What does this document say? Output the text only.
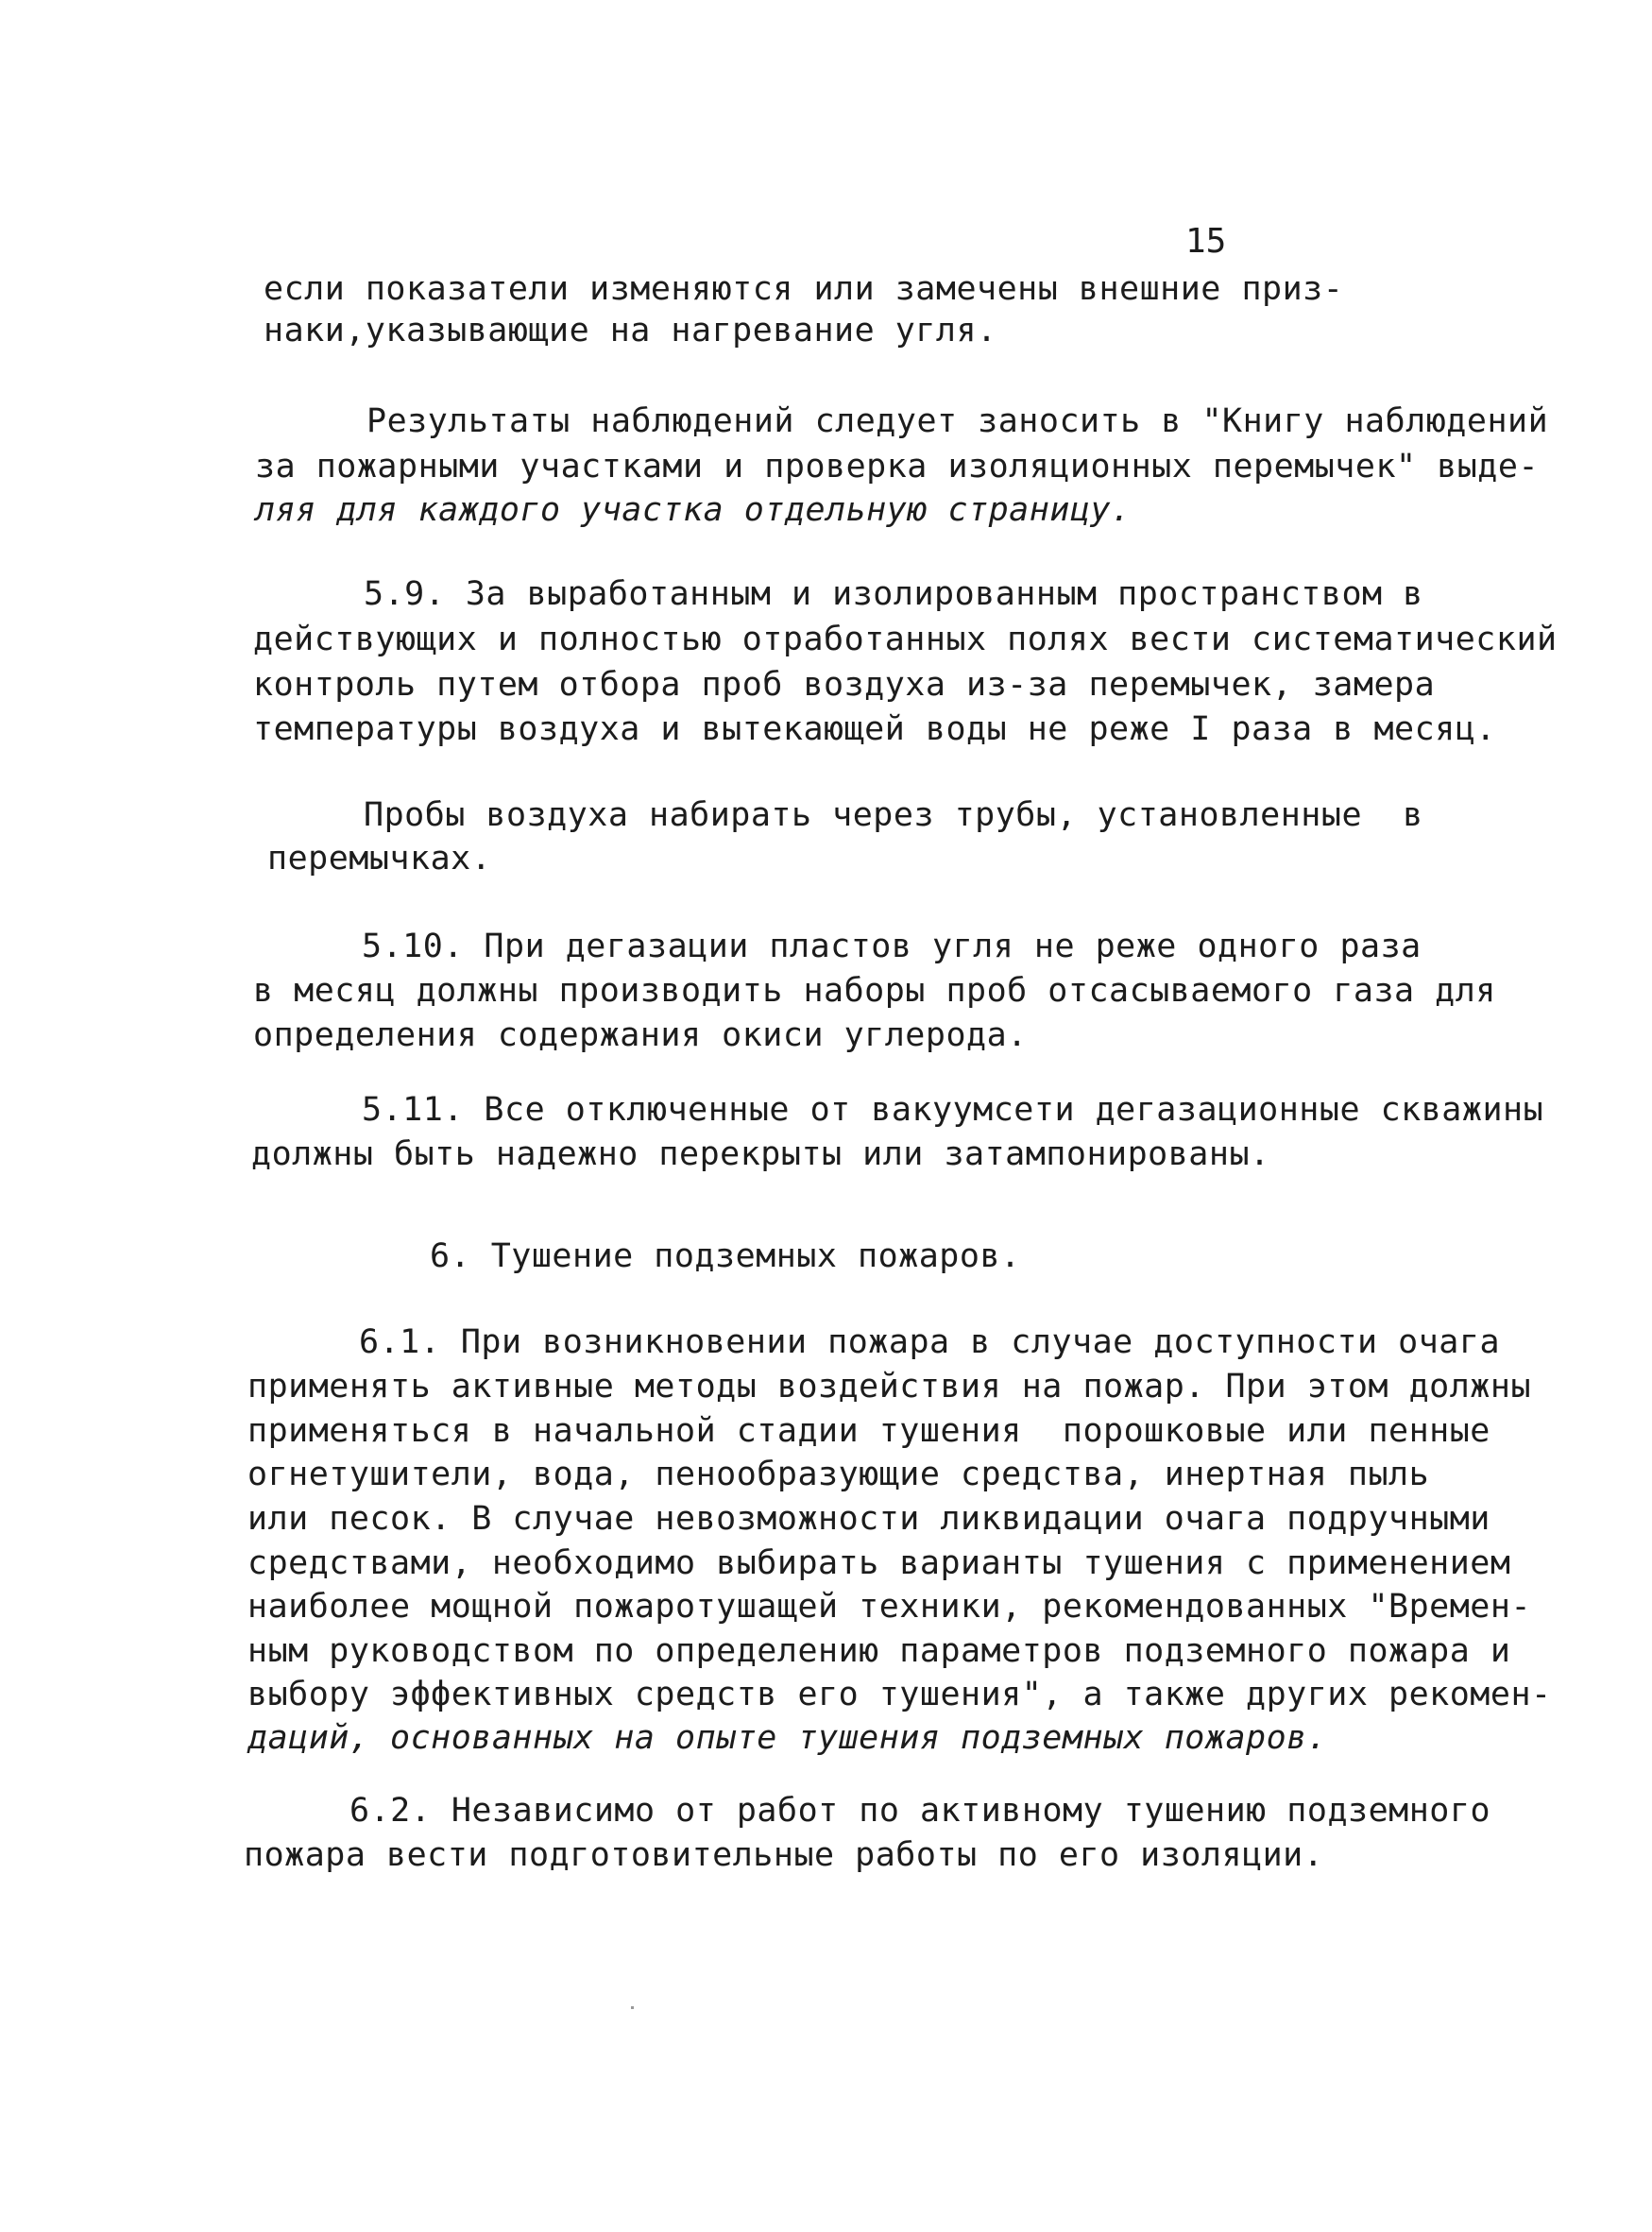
15
если показатели изменяются или замечены внешние приз-
наки,указывающие на нагревание угля.
Результаты наблюдений следует заносить в "Книгу наблюдений
за пожарными участками и проверка изоляционных перемычек" выде-
ляя для каждого участка отдельную страницу.
5.9. За выработанным и изолированным пространством в
действующих и полностью отработанных полях вести систематический
контроль путем отбора проб воздуха из-за перемычек, замера
температуры воздуха и вытекающей воды не реже I раза в месяц.
Пробы воздуха набирать через трубы, установленные  в
перемычках.
5.10. При дегазации пластов угля не реже одного раза
в месяц должны производить наборы проб отсасываемого газа для
определения содержания окиси углерода.
5.11. Все отключенные от вакуумсети дегазационные скважины
должны быть надежно перекрыты или затампонированы.
6. Тушение подземных пожаров.
6.1. При возникновении пожара в случае доступности очага
применять активные методы воздействия на пожар. При этом должны
применяться в начальной стадии тушения  порошковые или пенные
огнетушители, вода, пенообразующие средства, инертная пыль
или песок. В случае невозможности ликвидации очага подручными
средствами, необходимо выбирать варианты тушения с применением
наиболее мощной пожаротушащей техники, рекомендованных "Времен-
ным руководством по определению параметров подземного пожара и
выбору эффективных средств его тушения", а также других рекомен-
даций, основанных на опыте тушения подземных пожаров.
6.2. Независимо от работ по активному тушению подземного
пожара вести подготовительные работы по его изоляции.
